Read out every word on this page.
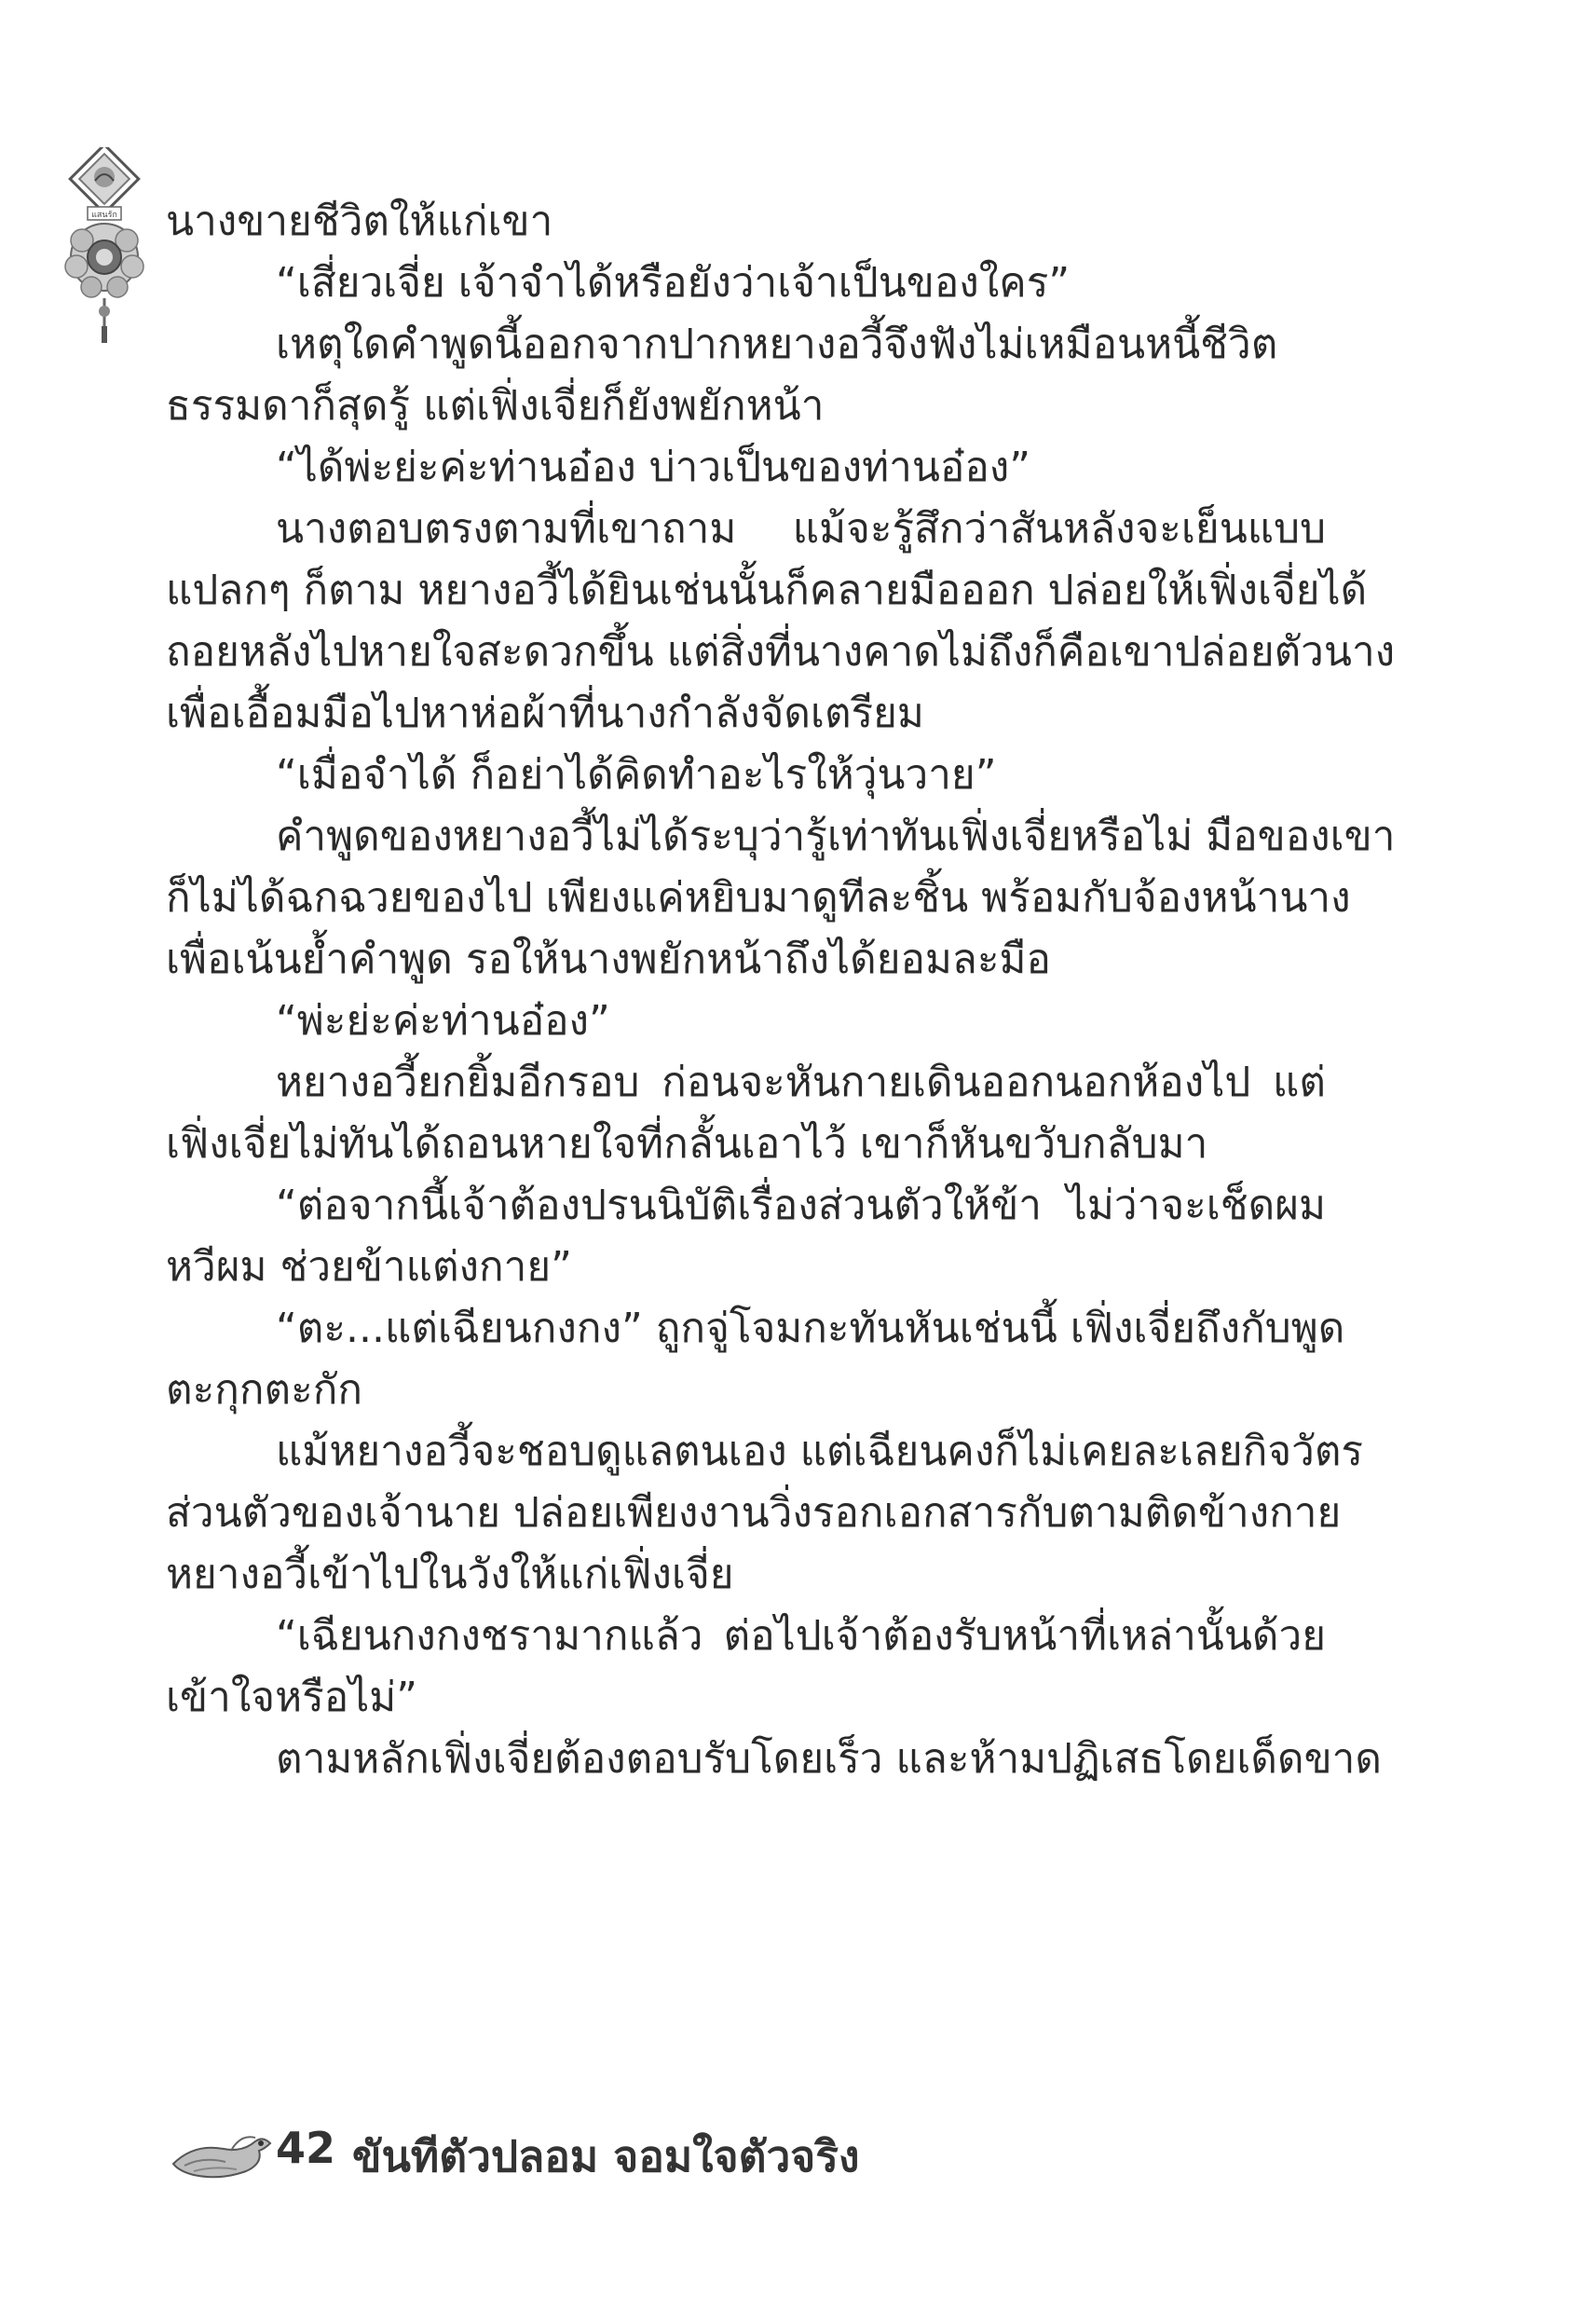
แสนรัก นางขายชีวิตให้แก่เขา
“เสี่ยวเจี่ย เจ้าจำได้หรือยังว่าเจ้าเป็นของใคร”
เหตุใดคำพูดนี้ออกจากปากหยางอวี้จึงฟังไม่เหมือนหนี้ชีวิต
ธรรมดาก็สุดรู้ แต่เฟิ่งเจี่ยก็ยังพยักหน้า
“ได้พ่ะย่ะค่ะท่านอ๋อง บ่าวเป็นของท่านอ๋อง”
นางตอบตรงตามที่เขาถาม แม้จะรู้สึกว่าสันหลังจะเย็นแบบ
แปลกๆ ก็ตาม หยางอวี้ได้ยินเช่นนั้นก็คลายมือออก ปล่อยให้เฟิ่งเจี่ยได้
ถอยหลังไปหายใจสะดวกขึ้น แต่สิ่งที่นางคาดไม่ถึงก็คือเขาปล่อยตัวนาง
เพื่อเอื้อมมือไปหาห่อผ้าที่นางกำลังจัดเตรียม
“เมื่อจำได้ ก็อย่าได้คิดทำอะไรให้วุ่นวาย”
คำพูดของหยางอวี้ไม่ได้ระบุว่ารู้เท่าทันเฟิ่งเจี่ยหรือไม่ มือของเขา
ก็ไม่ได้ฉกฉวยของไป เพียงแค่หยิบมาดูทีละชิ้น พร้อมกับจ้องหน้านาง
เพื่อเน้นย้ำคำพูด รอให้นางพยักหน้าถึงได้ยอมละมือ
“พ่ะย่ะค่ะท่านอ๋อง”
หยางอวี้ยกยิ้มอีกรอบ ก่อนจะหันกายเดินออกนอกห้องไป แต่
เฟิ่งเจี่ยไม่ทันได้ถอนหายใจที่กลั้นเอาไว้ เขาก็หันขวับกลับมา
“ต่อจากนี้เจ้าต้องปรนนิบัติเรื่องส่วนตัวให้ข้า ไม่ว่าจะเช็ดผม
หวีผม ช่วยข้าแต่งกาย”
“ตะ...แต่เฉียนกงกง” ถูกจู่โจมกะทันหันเช่นนี้ เฟิ่งเจี่ยถึงกับพูด
ตะกุกตะกัก
แม้หยางอวี้จะชอบดูแลตนเอง แต่เฉียนคงก็ไม่เคยละเลยกิจวัตร
ส่วนตัวของเจ้านาย ปล่อยเพียงงานวิ่งรอกเอกสารกับตามติดข้างกาย
หยางอวี้เข้าไปในวังให้แก่เฟิ่งเจี่ย
“เฉียนกงกงชรามากแล้ว ต่อไปเจ้าต้องรับหน้าที่เหล่านั้นด้วย
เข้าใจหรือไม่”
ตามหลักเฟิ่งเจี่ยต้องตอบรับโดยเร็ว และห้ามปฏิเสธโดยเด็ดขาด
42 ขันทีตัวปลอม จอมใจตัวจริง
